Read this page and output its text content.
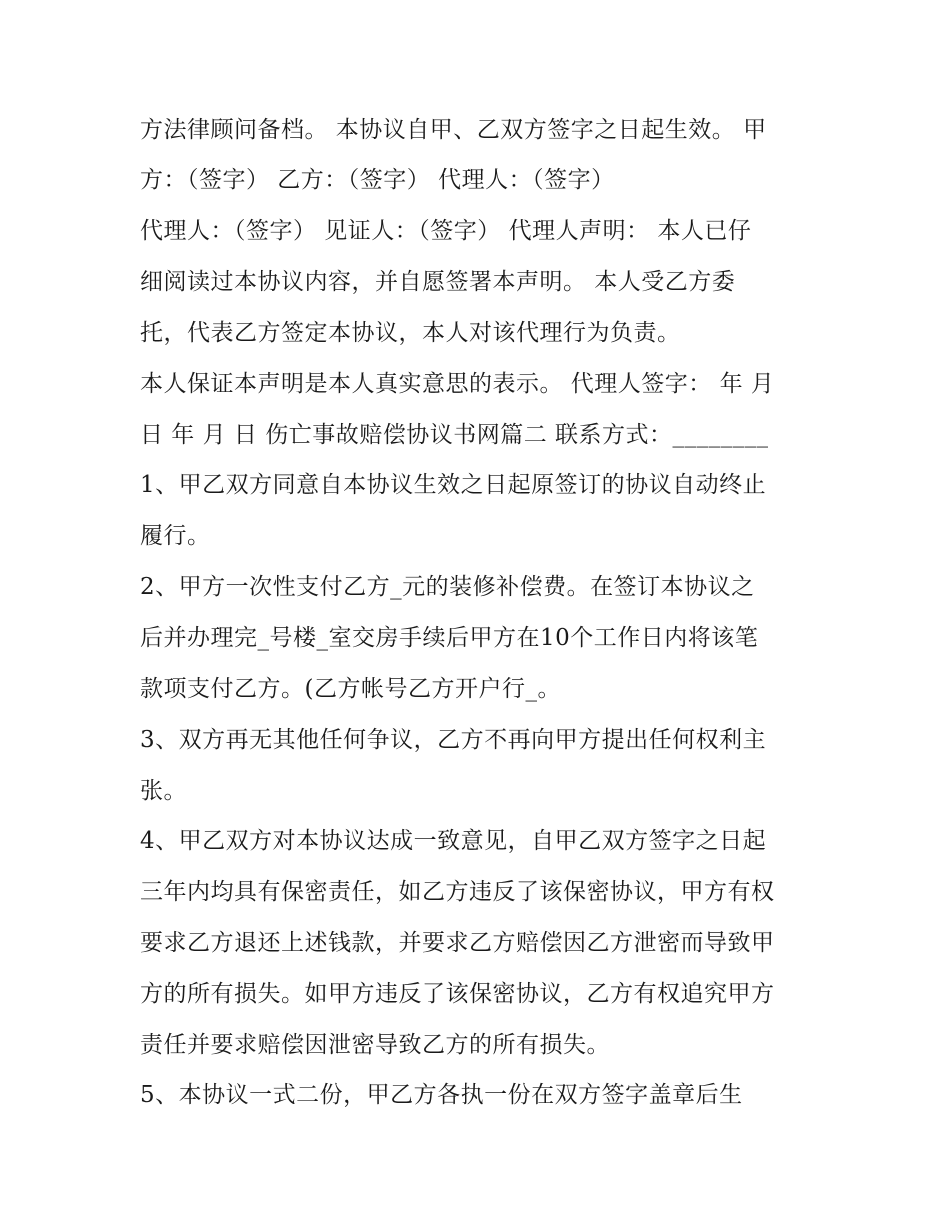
方法律顾问备档。 本协议自甲、乙双方签字之日起生效。 甲

方：（签字） 乙方：（签字） 代理人：（签字）

代理人：（签字） 见证人：（签字） 代理人声明： 本人已仔

细阅读过本协议内容，并自愿签署本声明。 本人受乙方委

托，代表乙方签定本协议，本人对该代理行为负责。

本人保证本声明是本人真实意思的表示。 代理人签字： 年 月

日 年 月 日 伤亡事故赔偿协议书网篇二 联系方式：________

1、甲乙双方同意自本协议生效之日起原签订的协议自动终止

履行。

2、甲方一次性支付乙方_元的装修补偿费。在签订本协议之

后并办理完_号楼_室交房手续后甲方在10个工作日内将该笔

款项支付乙方。(乙方帐号乙方开户行_。

3、双方再无其他任何争议，乙方不再向甲方提出任何权利主

张。

4、甲乙双方对本协议达成一致意见，自甲乙双方签字之日起

三年内均具有保密责任，如乙方违反了该保密协议，甲方有权

要求乙方退还上述钱款，并要求乙方赔偿因乙方泄密而导致甲

方的所有损失。如甲方违反了该保密协议，乙方有权追究甲方

责任并要求赔偿因泄密导致乙方的所有损失。

5、本协议一式二份，甲乙方各执一份在双方签字盖章后生
